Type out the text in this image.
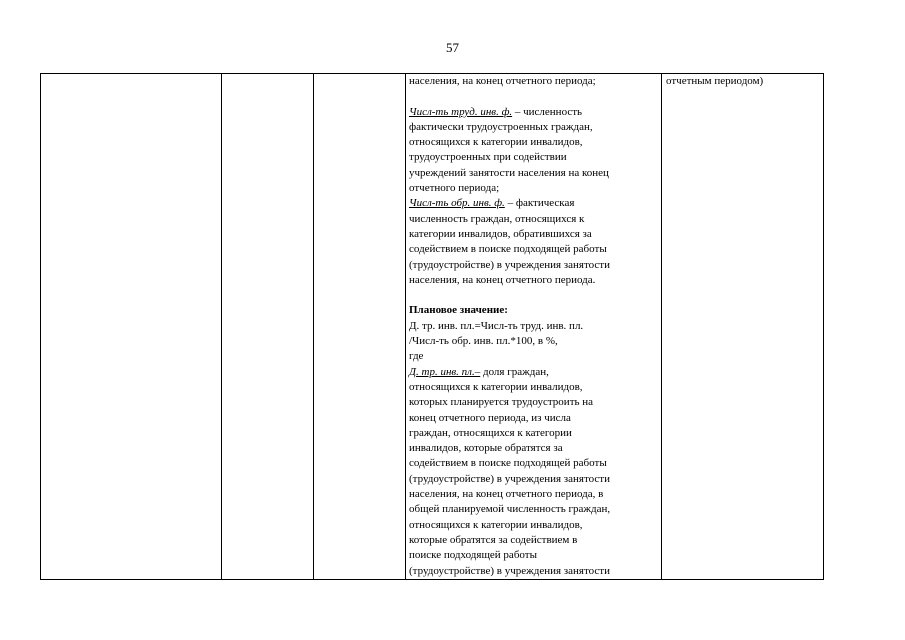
57

населения, на конец отчетного периода;
Числ-ть труд. инв. ф. – численность
фактически трудоустроенных граждан,
относящихся к категории инвалидов,
трудоустроенных при содействии
учреждений занятости населения на конец
отчетного периода;
Числ-ть обр. инв. ф. – фактическая
численность граждан, относящихся к
категории инвалидов, обратившихся за
содействием в поиске подходящей работы
(трудоустройстве) в учреждения занятости
населения, на конец отчетного периода.
Плановое значение:
Д. тр. инв. пл.=Числ-ть труд. инв. пл.
/Числ-ть обр. инв. пл.*100, в %,
где
Д. тр. инв. пл.– доля граждан,
относящихся к категории инвалидов,
которых планируется трудоустроить на
конец отчетного периода, из числа
граждан, относящихся к категории
инвалидов, которые обратятся за
содействием в поиске подходящей работы
(трудоустройстве) в учреждения занятости
населения, на конец отчетного периода, в
общей планируемой численность граждан,
относящихся к категории инвалидов,
которые обратятся за содействием в
поиске подходящей работы
(трудоустройстве) в учреждения занятости

отчетным периодом)
